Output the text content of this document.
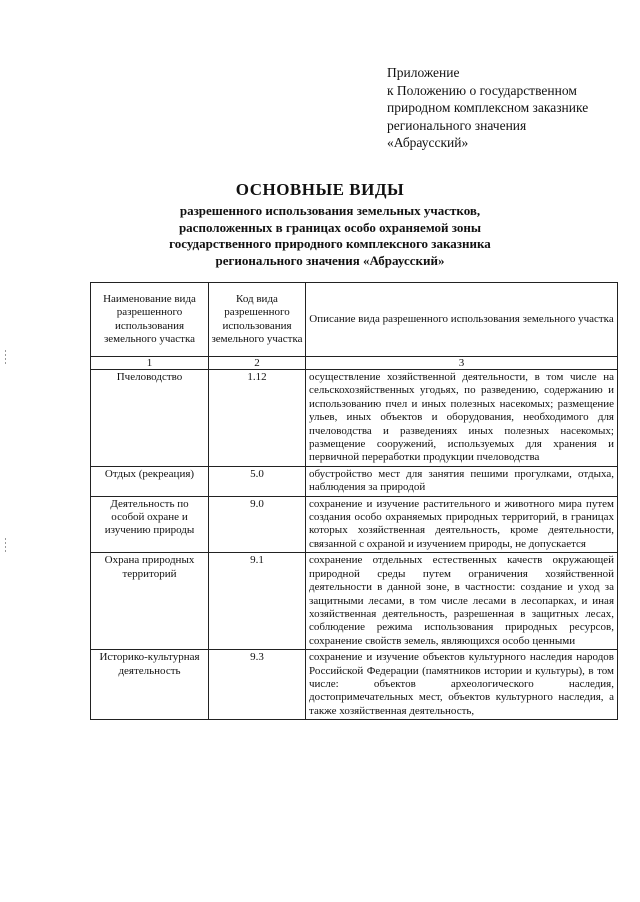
Приложение
к Положению о государственном
природном комплексном заказнике
регионального значения
«Абраусский»
ОСНОВНЫЕ ВИДЫ
разрешенного использования земельных участков,
расположенных в границах особо охраняемой зоны
государственного природного комплексного заказника
регионального значения «Абраусский»
Наименование вида разрешенного использования земельного участка	Код вида разрешенного использования земельного участка	Описание вида разрешенного использования земельного участка
1	2	3
Пчеловодство	1.12	осуществление хозяйственной деятельности, в том числе на сельскохозяйственных угодьях, по разведению, содержанию и использованию пчел и иных полезных насекомых; размещение ульев, иных объектов и оборудования, необходимого для пчеловодства и разведениях иных полезных насекомых; размещение сооружений, используемых для хранения и первичной переработки продукции пчеловодства
Отдых (рекреация)	5.0	обустройство мест для занятия пешими прогулками, отдыха, наблюдения за природой
Деятельность по особой охране и изучению природы	9.0	сохранение и изучение растительного и животного мира путем создания особо охраняемых природных территорий, в границах которых хозяйственная деятельность, кроме деятельности, связанной с охраной и изучением природы, не допускается
Охрана природных территорий	9.1	сохранение отдельных естественных качеств окружающей природной среды путем ограничения хозяйственной деятельности в данной зоне, в частности: создание и уход за защитными лесами, в том числе лесами в лесопарках, и иная хозяйственная деятельность, разрешенная в защитных лесах, соблюдение режима использования природных ресурсов, сохранение свойств земель, являющихся особо ценными
Историко-культурная деятельность	9.3	сохранение и изучение объектов культурного наследия народов Российской Федерации (памятников истории и культуры), в том числе: объектов археологического наследия, достопримечательных мест, объектов культурного наследия, а также хозяйственная деятельность,
